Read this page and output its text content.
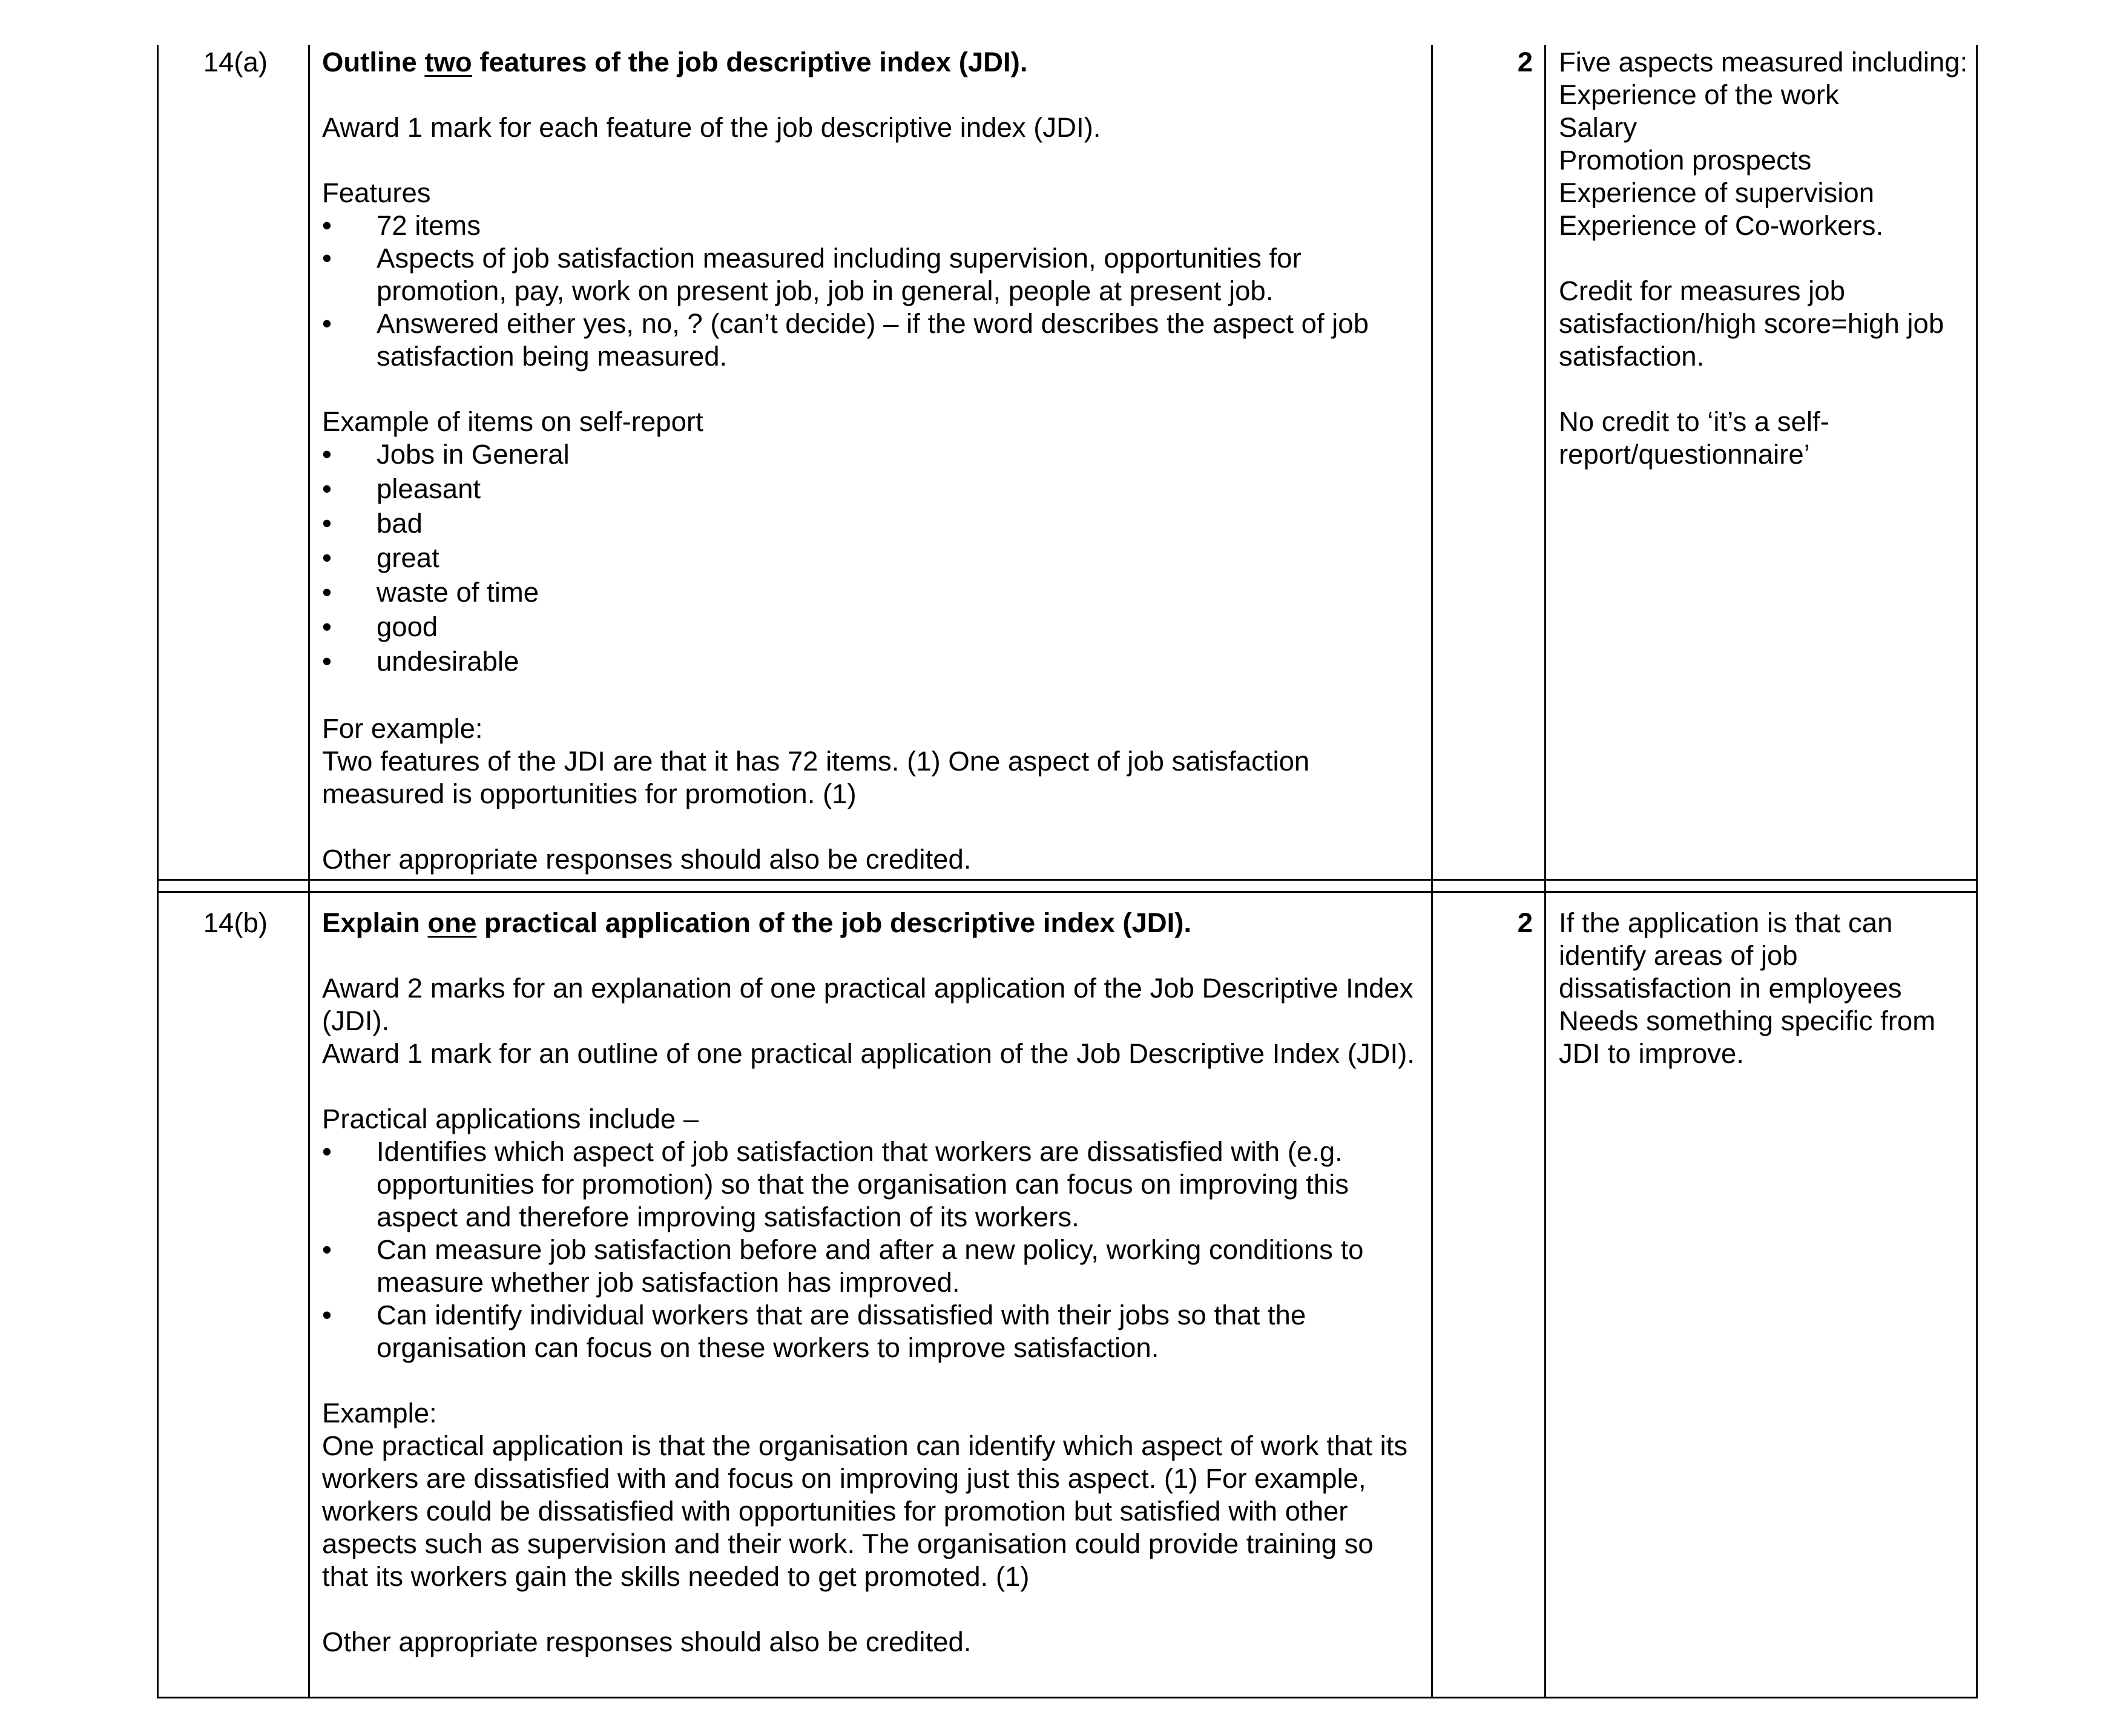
14(a) Outline two features of the job descriptive index (JDI).

Award 1 mark for each feature of the job descriptive index (JDI).

Features

• 72 items
• Aspects of job satisfaction measured including supervision, opportunities for promotion, pay, work on present job, job in general, people at present job.
• Answered either yes, no, ? (can’t decide) – if the word describes the aspect of job satisfaction being measured.

Example of items on self-report

• Jobs in General
• pleasant
• bad
• great
• waste of time
• good
• undesirable

For example:

Two features of the JDI are that it has 72 items. (1) One aspect of job satisfaction measured is opportunities for promotion. (1)

Other appropriate responses should also be credited.

2 Five aspects measured including:

Experience of the work

Salary

Promotion prospects

Experience of supervision

Experience of Co-workers.

Credit for measures job satisfaction/high score=high job satisfaction.

No credit to ‘it’s a self-report/questionnaire’

14(b) Explain one practical application of the job descriptive index (JDI).

Award 2 marks for an explanation of one practical application of the Job Descriptive Index (JDI).

Award 1 mark for an outline of one practical application of the Job Descriptive Index (JDI).

Practical applications include –

• Identifies which aspect of job satisfaction that workers are dissatisfied with (e.g. opportunities for promotion) so that the organisation can focus on improving this aspect and therefore improving satisfaction of its workers.
• Can measure job satisfaction before and after a new policy, working conditions to measure whether job satisfaction has improved.
• Can identify individual workers that are dissatisfied with their jobs so that the organisation can focus on these workers to improve satisfaction.

Example:

One practical application is that the organisation can identify which aspect of work that its workers are dissatisfied with and focus on improving just this aspect. (1) For example, workers could be dissatisfied with opportunities for promotion but satisfied with other aspects such as supervision and their work. The organisation could provide training so that its workers gain the skills needed to get promoted. (1)

Other appropriate responses should also be credited.

2 If the application is that can identify areas of job dissatisfaction in employees Needs something specific from JDI to improve.
